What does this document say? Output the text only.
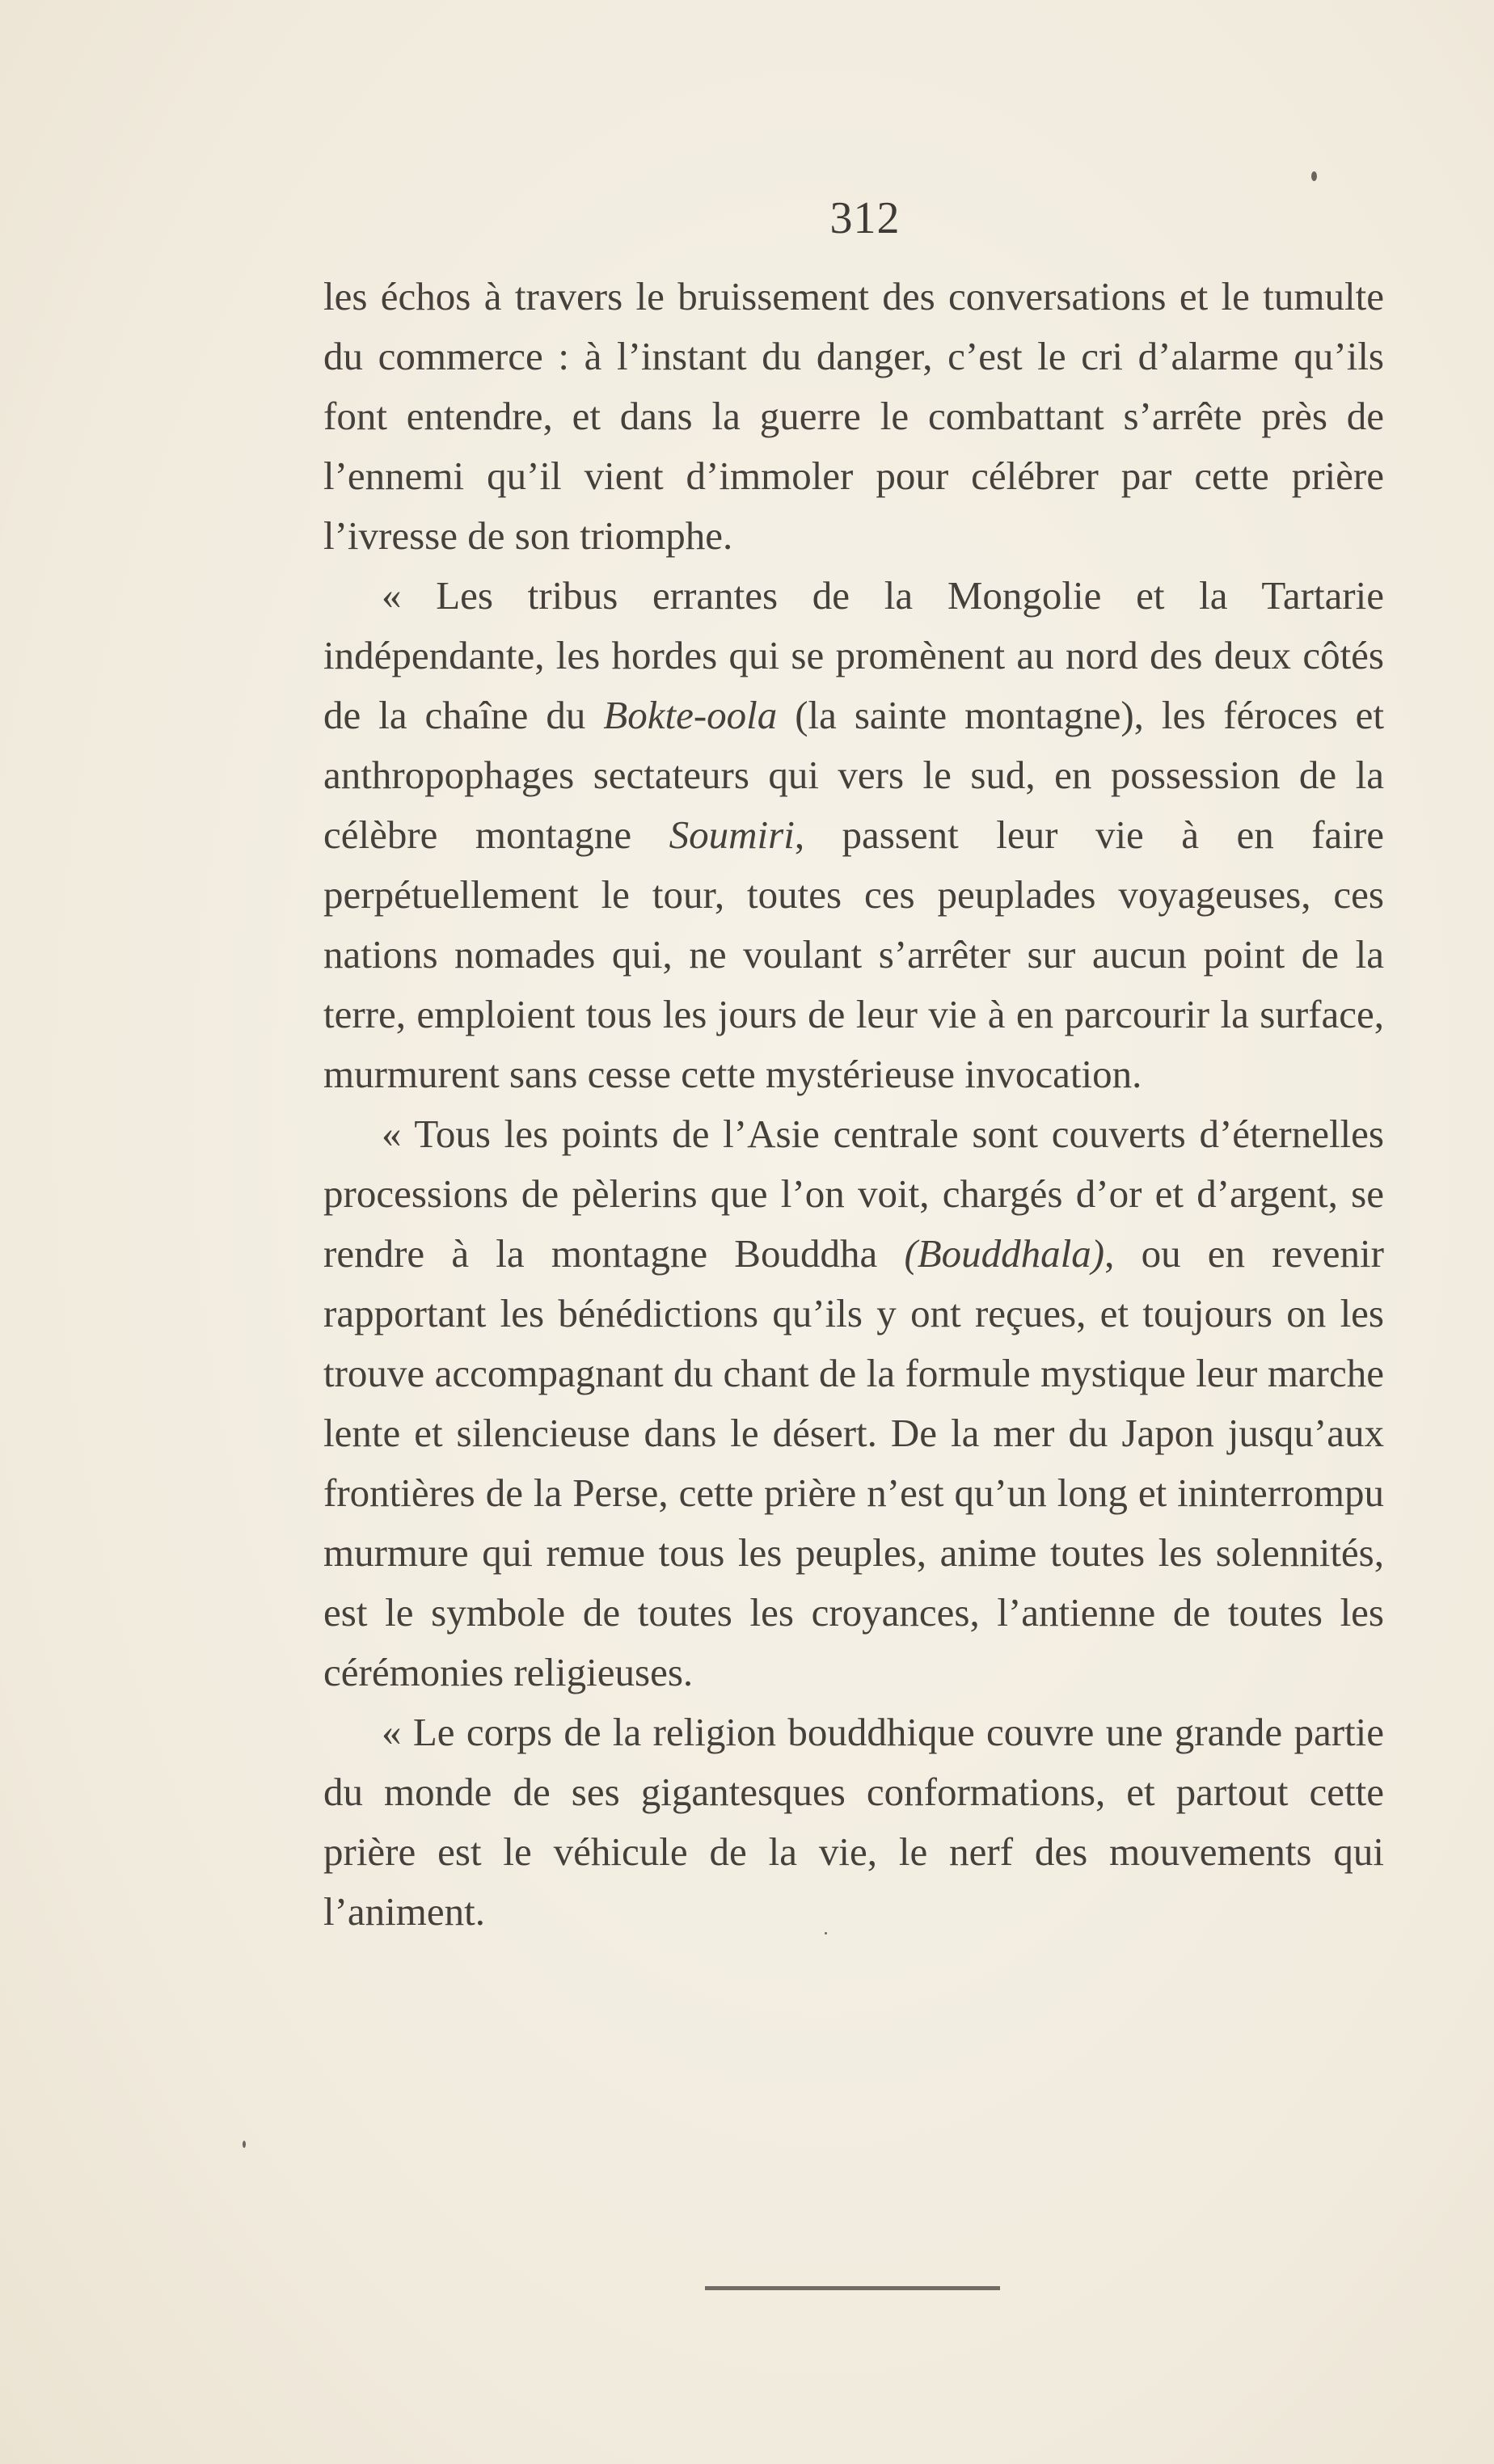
312

les échos à travers le bruissement des conversations et le tumulte du commerce : à l’instant du danger, c’est le cri d’alarme qu’ils font entendre, et dans la guerre le combattant s’arrête près de l’ennemi qu’il vient d’immoler pour célébrer par cette prière l’ivresse de son triomphe.

« Les tribus errantes de la Mongolie et la Tartarie indépendante, les hordes qui se promènent au nord des deux côtés de la chaîne du Bokte-oola (la sainte montagne), les féroces et anthropophages sectateurs qui vers le sud, en possession de la célèbre montagne Soumiri, passent leur vie à en faire perpétuellement le tour, toutes ces peuplades voyageuses, ces nations nomades qui, ne voulant s’arrêter sur aucun point de la terre, emploient tous les jours de leur vie à en parcourir la surface, murmurent sans cesse cette mystérieuse invocation.

« Tous les points de l’Asie centrale sont couverts d’éternelles processions de pèlerins que l’on voit, chargés d’or et d’argent, se rendre à la montagne Bouddha (Bouddhala), ou en revenir rapportant les bénédictions qu’ils y ont reçues, et toujours on les trouve accompagnant du chant de la formule mystique leur marche lente et silencieuse dans le désert. De la mer du Japon jusqu’aux frontières de la Perse, cette prière n’est qu’un long et ininterrompu murmure qui remue tous les peuples, anime toutes les solennités, est le symbole de toutes les croyances, l’antienne de toutes les cérémonies religieuses.

« Le corps de la religion bouddhique couvre une grande partie du monde de ses gigantesques conformations, et partout cette prière est le véhicule de la vie, le nerf des mouvements qui l’animent.
